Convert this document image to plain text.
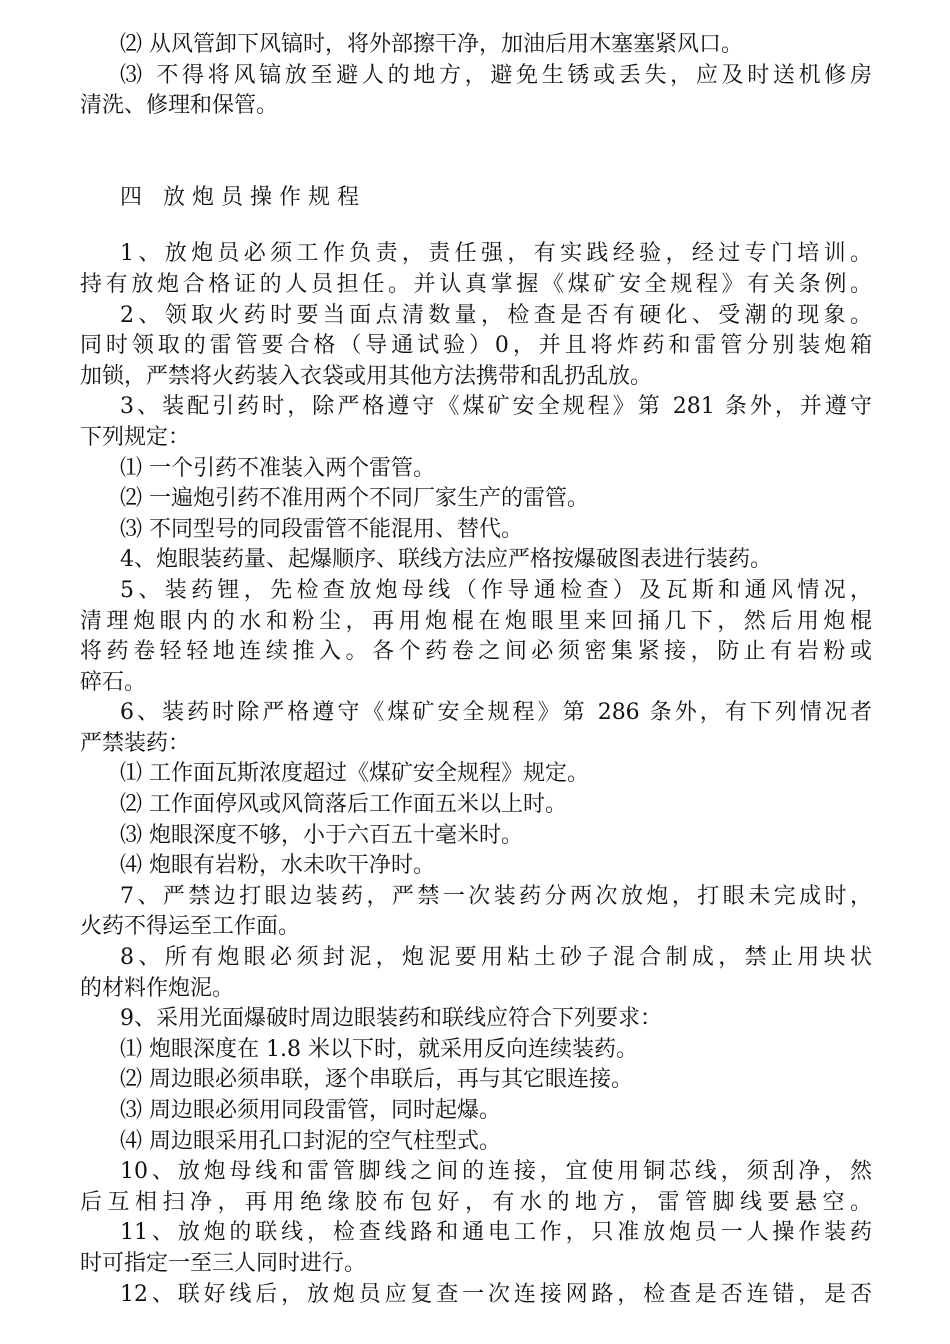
⑵ 从风管卸下风镐时，将外部擦干净，加油后用木塞塞紧风口。
⑶ 不得将风镐放至避人的地方，避免生锈或丢失，应及时送机修房
清洗、修理和保管。
四   放 炮 员 操 作 规 程
1、放炮员必须工作负责，责任强，有实践经验，经过专门培训。
持有放炮合格证的人员担任。并认真掌握《煤矿安全规程》有关条例。
2、领取火药时要当面点清数量，检查是否有硬化、受潮的现象。
同时领取的雷管要合格（导通试验）0，并且将炸药和雷管分别装炮箱
加锁，严禁将火药装入衣袋或用其他方法携带和乱扔乱放。
3、装配引药时，除严格遵守《煤矿安全规程》第 281 条外，并遵守
下列规定：
⑴ 一个引药不准装入两个雷管。
⑵ 一遍炮引药不准用两个不同厂家生产的雷管。
⑶ 不同型号的同段雷管不能混用、替代。
4、炮眼装药量、起爆顺序、联线方法应严格按爆破图表进行装药。
5、装药锂，先检查放炮母线（作导通检查）及瓦斯和通风情况，
清理炮眼内的水和粉尘，再用炮棍在炮眼里来回捅几下，然后用炮棍
将药卷轻轻地连续推入。各个药卷之间必须密集紧接，防止有岩粉或
碎石。
6、装药时除严格遵守《煤矿安全规程》第 286 条外，有下列情况者
严禁装药：
⑴ 工作面瓦斯浓度超过《煤矿安全规程》规定。
⑵ 工作面停风或风筒落后工作面五米以上时。
⑶ 炮眼深度不够，小于六百五十毫米时。
⑷ 炮眼有岩粉，水未吹干净时。
7、严禁边打眼边装药，严禁一次装药分两次放炮，打眼未完成时，
火药不得运至工作面。
8、所有炮眼必须封泥，炮泥要用粘土砂子混合制成，禁止用块状
的材料作炮泥。
9、采用光面爆破时周边眼装药和联线应符合下列要求：
⑴ 炮眼深度在 1.8 米以下时，就采用反向连续装药。
⑵ 周边眼必须串联，逐个串联后，再与其它眼连接。
⑶ 周边眼必须用同段雷管，同时起爆。
⑷ 周边眼采用孔口封泥的空气柱型式。
10、放炮母线和雷管脚线之间的连接，宜使用铜芯线，须刮净，然
后互相扫净，再用绝缘胶布包好，有水的地方，雷管脚线要悬空。
11、放炮的联线，检查线路和通电工作，只准放炮员一人操作装药
时可指定一至三人同时进行。
12、联好线后，放炮员应复查一次连接网路，检查是否连错，是否
